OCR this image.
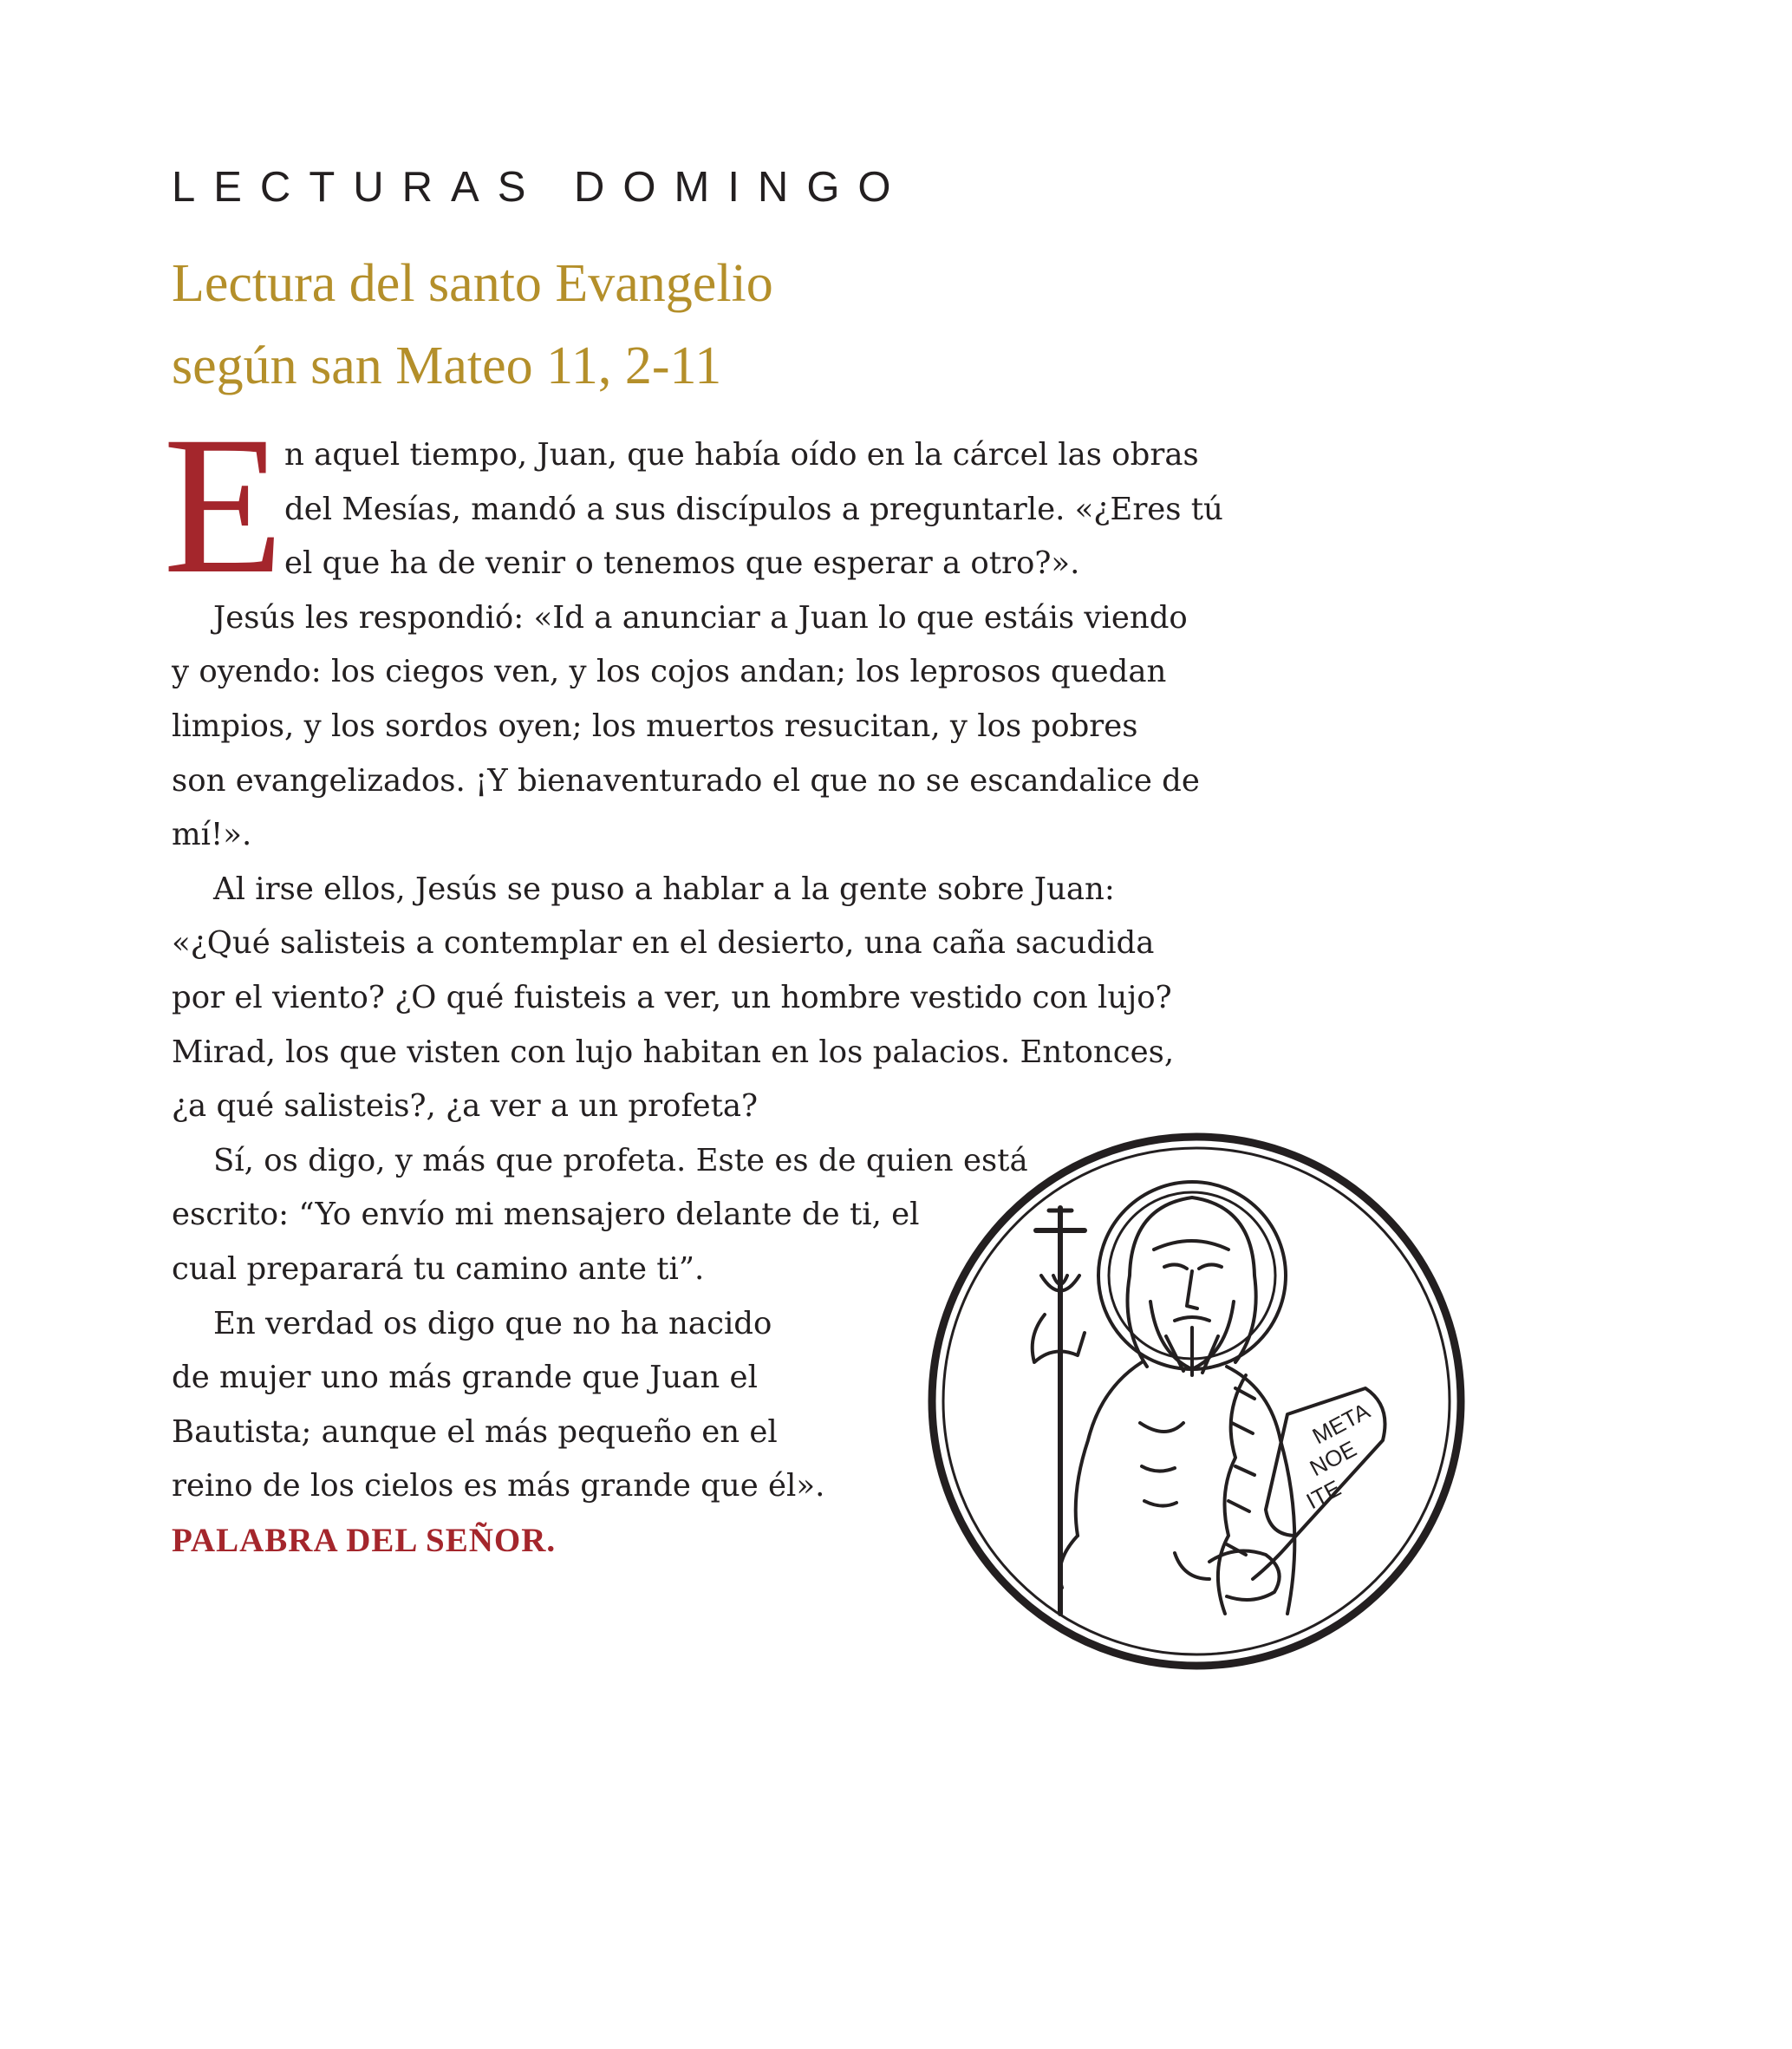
LECTURAS DOMINGO
Lectura del santo Evangelio
según san Mateo 11, 2-11
E n aquel tiempo, Juan, que había oído en la cárcel las obras
del Mesías, mandó a sus discípulos a preguntarle. «¿Eres tú
el que ha de venir o tenemos que esperar a otro?».
Jesús les respondió: «Id a anunciar a Juan lo que estáis viendo
y oyendo: los ciegos ven, y los cojos andan; los leprosos quedan
limpios, y los sordos oyen; los muertos resucitan, y los pobres
son evangelizados. ¡Y bienaventurado el que no se escandalice de
mí!».
Al irse ellos, Jesús se puso a hablar a la gente sobre Juan:
«¿Qué salisteis a contemplar en el desierto, una caña sacudida
por el viento? ¿O qué fuisteis a ver, un hombre vestido con lujo?
Mirad, los que visten con lujo habitan en los palacios. Entonces,
¿a qué salisteis?, ¿a ver a un profeta?
Sí, os digo, y más que profeta. Este es de quien está
escrito: “Yo envío mi mensajero delante de ti, el
cual preparará tu camino ante ti”.
En verdad os digo que no ha nacido
de mujer uno más grande que Juan el
Bautista; aunque el más pequeño en el
reino de los cielos es más grande que él».
PALABRA DEL SEÑOR.
META
NOE
ITE
